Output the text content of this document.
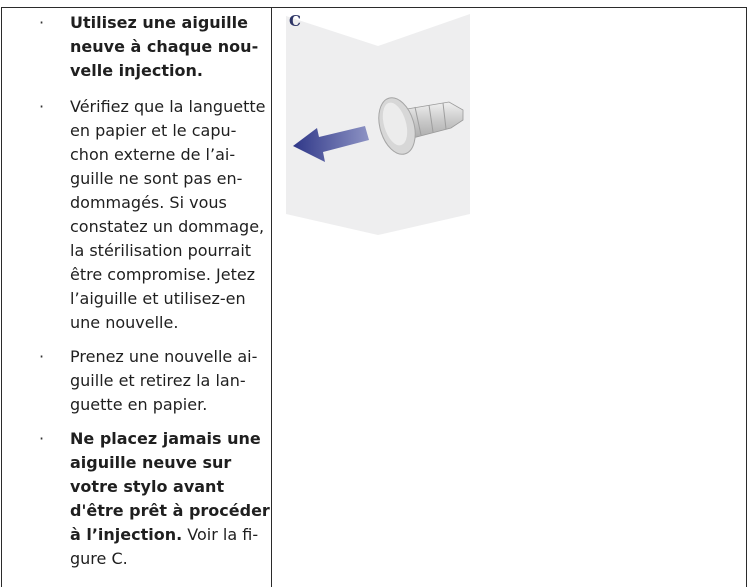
· Utilisez une aiguille
neuve à chaque nou-
velle injection.
· Vérifiez que la languette
en papier et le capu-
chon externe de l’ai-
guille ne sont pas en-
dommagés. Si vous
constatez un dommage,
la stérilisation pourrait
être compromise. Jetez
l’aiguille et utilisez-en
une nouvelle.
· Prenez une nouvelle ai-
guille et retirez la lan-
guette en papier.
· Ne placez jamais une
aiguille neuve sur
votre stylo avant
d'être prêt à procéder
à l’injection. Voir la fi-
gure C.
C
